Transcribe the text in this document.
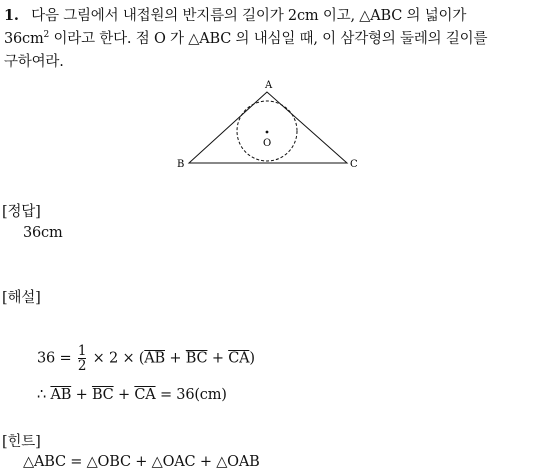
1. 다음 그림에서 내접원의 반지름의 길이가 2cm 이고, △ABC 의 넓이가
$36cm^2$ 이라고 한다. 점 O 가 △ABC 의 내심일 때, 이 삼각형의 둘레의 길이를
구하여라.
A
B	C
O
[정답]
36cm
[해설]
$36 = \frac{1}{2} \times 2 \times (\overline{AB} + \overline{BC} + \overline{CA})$
∴ $\overline{AB} + \overline{BC} + \overline{CA} = 36(cm)$
[힌트]
△ABC = △OBC + △OAC + △OAB
